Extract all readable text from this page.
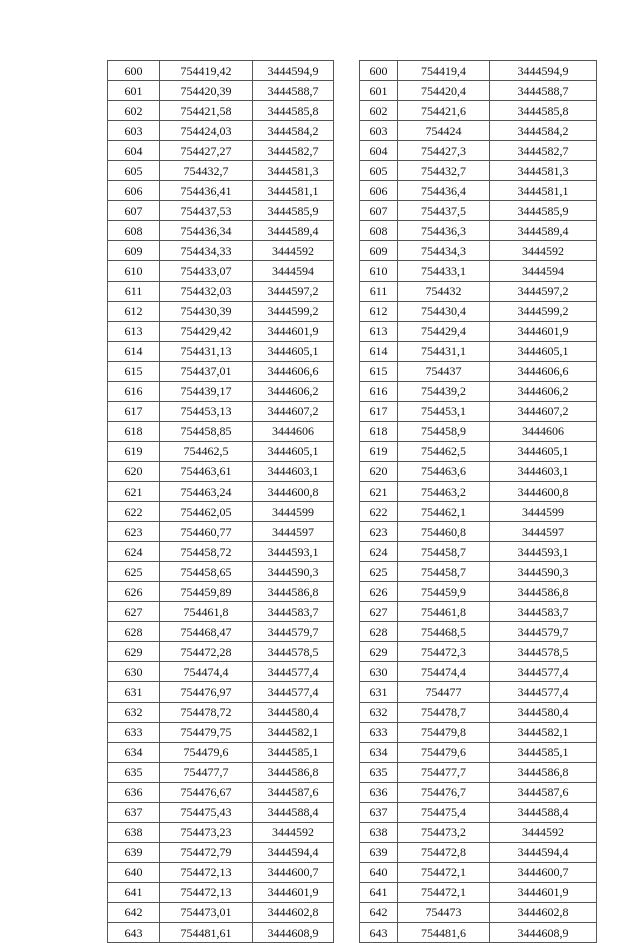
600	754419,42	3444594,9		600	754419,4	3444594,9
601	754420,39	3444588,7		601	754420,4	3444588,7
602	754421,58	3444585,8		602	754421,6	3444585,8
603	754424,03	3444584,2		603	754424	3444584,2
604	754427,27	3444582,7		604	754427,3	3444582,7
605	754432,7	3444581,3		605	754432,7	3444581,3
606	754436,41	3444581,1		606	754436,4	3444581,1
607	754437,53	3444585,9		607	754437,5	3444585,9
608	754436,34	3444589,4		608	754436,3	3444589,4
609	754434,33	3444592		609	754434,3	3444592
610	754433,07	3444594		610	754433,1	3444594
611	754432,03	3444597,2		611	754432	3444597,2
612	754430,39	3444599,2		612	754430,4	3444599,2
613	754429,42	3444601,9		613	754429,4	3444601,9
614	754431,13	3444605,1		614	754431,1	3444605,1
615	754437,01	3444606,6		615	754437	3444606,6
616	754439,17	3444606,2		616	754439,2	3444606,2
617	754453,13	3444607,2		617	754453,1	3444607,2
618	754458,85	3444606		618	754458,9	3444606
619	754462,5	3444605,1		619	754462,5	3444605,1
620	754463,61	3444603,1		620	754463,6	3444603,1
621	754463,24	3444600,8		621	754463,2	3444600,8
622	754462,05	3444599		622	754462,1	3444599
623	754460,77	3444597		623	754460,8	3444597
624	754458,72	3444593,1		624	754458,7	3444593,1
625	754458,65	3444590,3		625	754458,7	3444590,3
626	754459,89	3444586,8		626	754459,9	3444586,8
627	754461,8	3444583,7		627	754461,8	3444583,7
628	754468,47	3444579,7		628	754468,5	3444579,7
629	754472,28	3444578,5		629	754472,3	3444578,5
630	754474,4	3444577,4		630	754474,4	3444577,4
631	754476,97	3444577,4		631	754477	3444577,4
632	754478,72	3444580,4		632	754478,7	3444580,4
633	754479,75	3444582,1		633	754479,8	3444582,1
634	754479,6	3444585,1		634	754479,6	3444585,1
635	754477,7	3444586,8		635	754477,7	3444586,8
636	754476,67	3444587,6		636	754476,7	3444587,6
637	754475,43	3444588,4		637	754475,4	3444588,4
638	754473,23	3444592		638	754473,2	3444592
639	754472,79	3444594,4		639	754472,8	3444594,4
640	754472,13	3444600,7		640	754472,1	3444600,7
641	754472,13	3444601,9		641	754472,1	3444601,9
642	754473,01	3444602,8		642	754473	3444602,8
643	754481,61	3444608,9		643	754481,6	3444608,9
